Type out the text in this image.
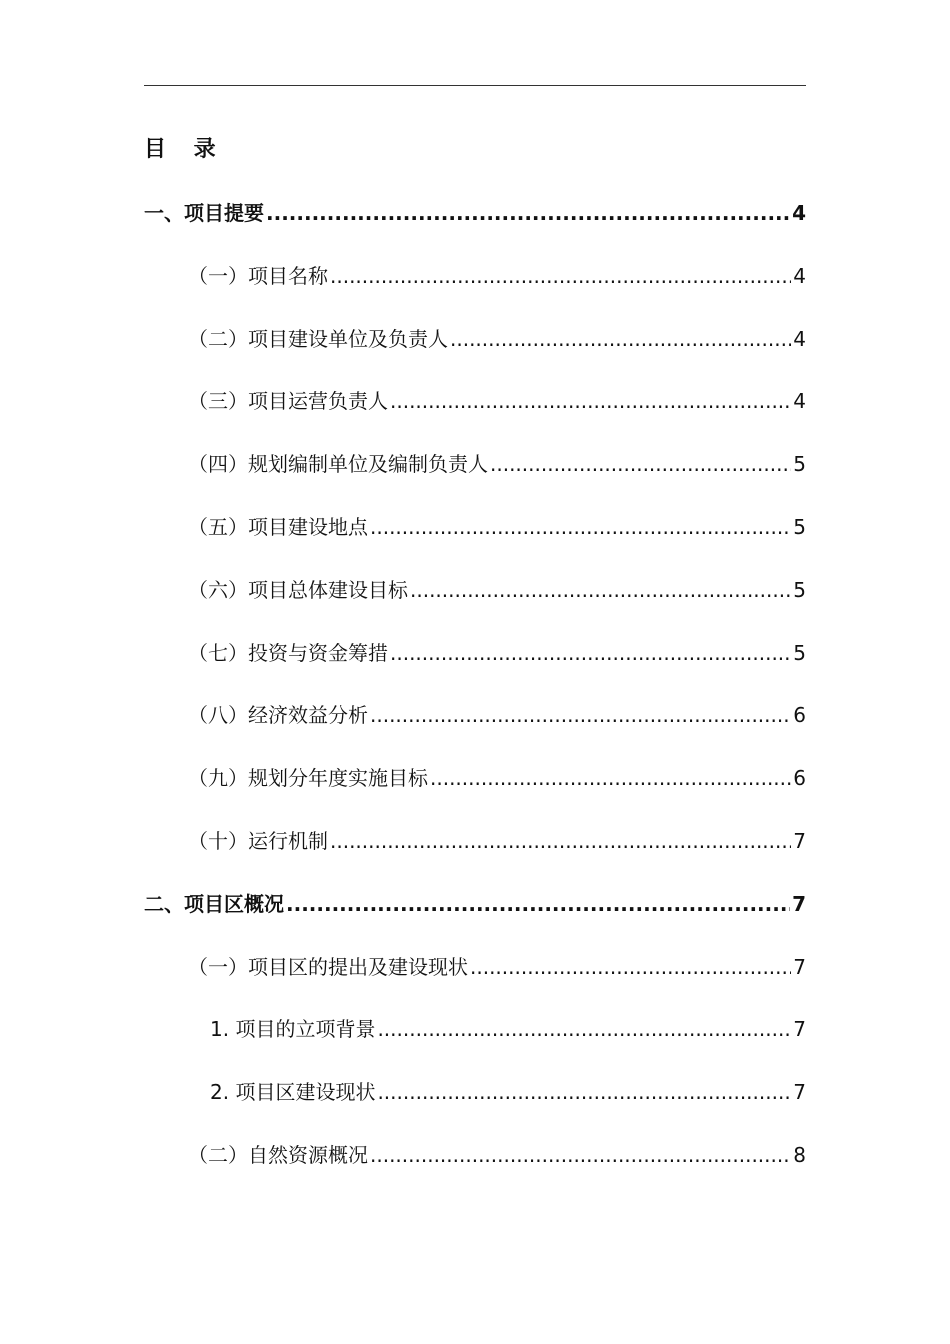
目 录
一、项目提要 .....	4
（一）项目名称 .....	4
（二）项目建设单位及负责人 .....	4
（三）项目运营负责人 .....	4
（四）规划编制单位及编制负责人 .....	5
（五）项目建设地点 .....	5
（六）项目总体建设目标 .....	5
（七）投资与资金筹措 .....	5
（八）经济效益分析 .....	6
（九）规划分年度实施目标 .....	6
（十）运行机制 .....	7
二、项目区概况 .....	7
（一）项目区的提出及建设现状 .....	7
1. 项目的立项背景 .....	7
2. 项目区建设现状 .....	7
（二）自然资源概况 .....	8
